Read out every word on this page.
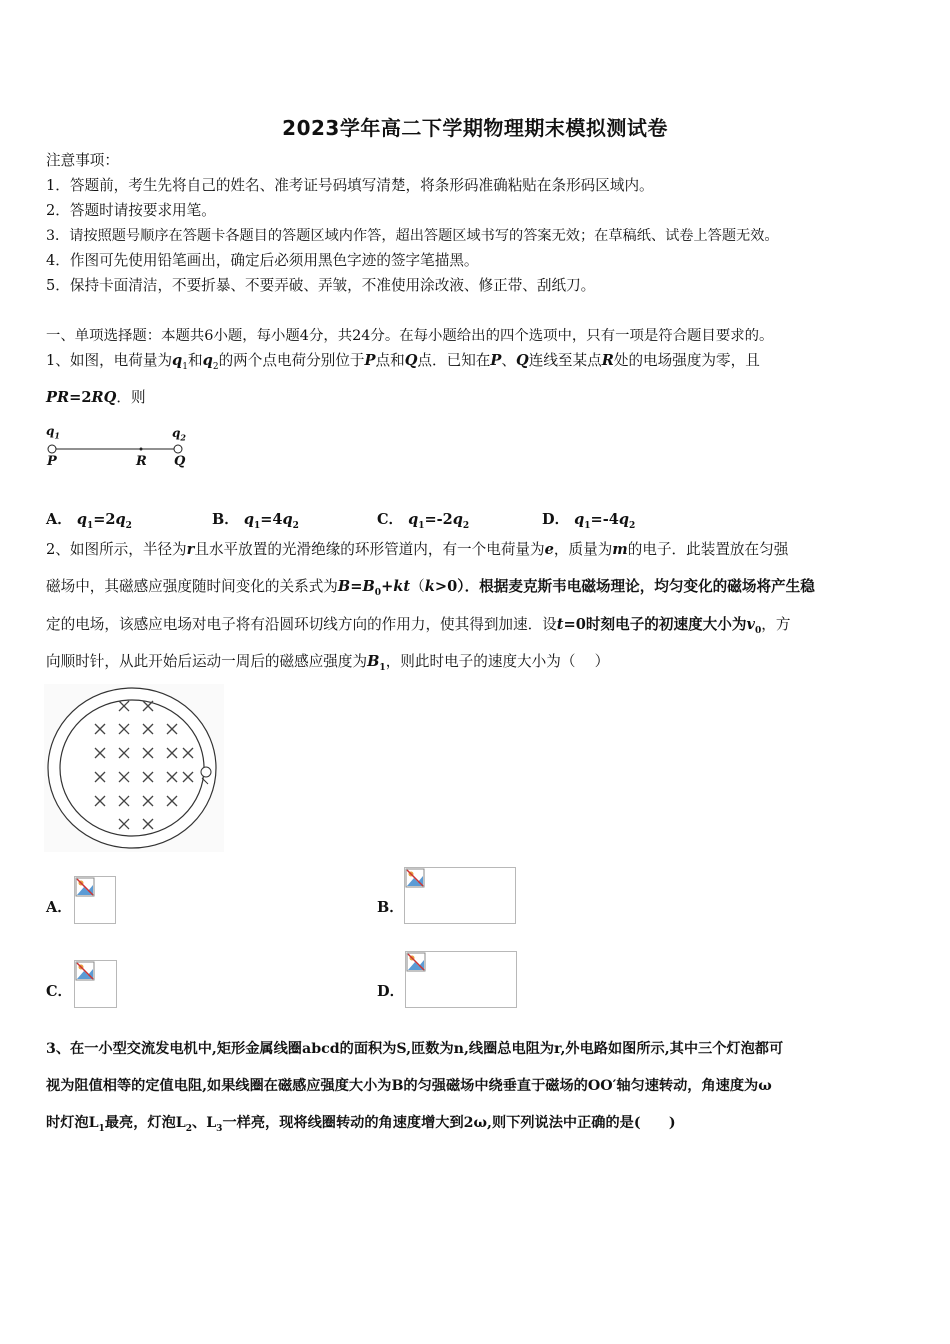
2023学年高二下学期物理期末模拟测试卷
注意事项：
1．答题前，考生先将自己的姓名、准考证号码填写清楚，将条形码准确粘贴在条形码区域内。
2．答题时请按要求用笔。
3．请按照题号顺序在答题卡各题目的答题区域内作答，超出答题区域书写的答案无效；在草稿纸、试卷上答题无效。
4．作图可先使用铅笔画出，确定后必须用黑色字迹的签字笔描黑。
5．保持卡面清洁，不要折暴、不要弄破、弄皱，不准使用涂改液、修正带、刮纸刀。
一、单项选择题：本题共6小题，每小题4分，共24分。在每小题给出的四个选项中，只有一项是符合题目要求的。
1、如图，电荷量为$q_1$和$q_2$的两个点电荷分别位于P点和Q点．已知在P、Q连线至某点R处的电场强度为零，且
PR=2RQ．则
$q_1$	$q_2$
P	R Q
A． $q_1=2q_2$	B． $q_1=4q_2$	C． $q_1=-2q_2$	D． $q_1=-4q_2$
2、如图所示，半径为r且水平放置的光滑绝缘的环形管道内，有一个电荷量为e，质量为m的电子．此装置放在匀强
磁场中，其磁感应强度随时间变化的关系式为$B=B_0+kt(k>0)$．根据麦克斯韦电磁场理论，均匀变化的磁场将产生稳
定的电场，该感应电场对电子将有沿圆环切线方向的作用力，使其得到加速．设t=0时刻电子的初速度大小为$v_0$，方
向顺时针，从此开始后运动一周后的磁感应强度为$B_1$，则此时电子的速度大小为（　 ）
A．	B．
C．	D．
3、在一小型交流发电机中,矩形金属线圈abcd的面积为S,匝数为n,线圈总电阻为r,外电路如图所示,其中三个灯泡都可
视为阻值相等的定值电阻,如果线圈在磁感应强度大小为B的匀强磁场中绕垂直于磁场的OO′轴匀速转动，角速度为ω
时灯泡$L_1$最亮，灯泡$L_2$、$L_3$一样亮，现将线圈转动的角速度增大到2ω,则下列说法中正确的是(　　)
